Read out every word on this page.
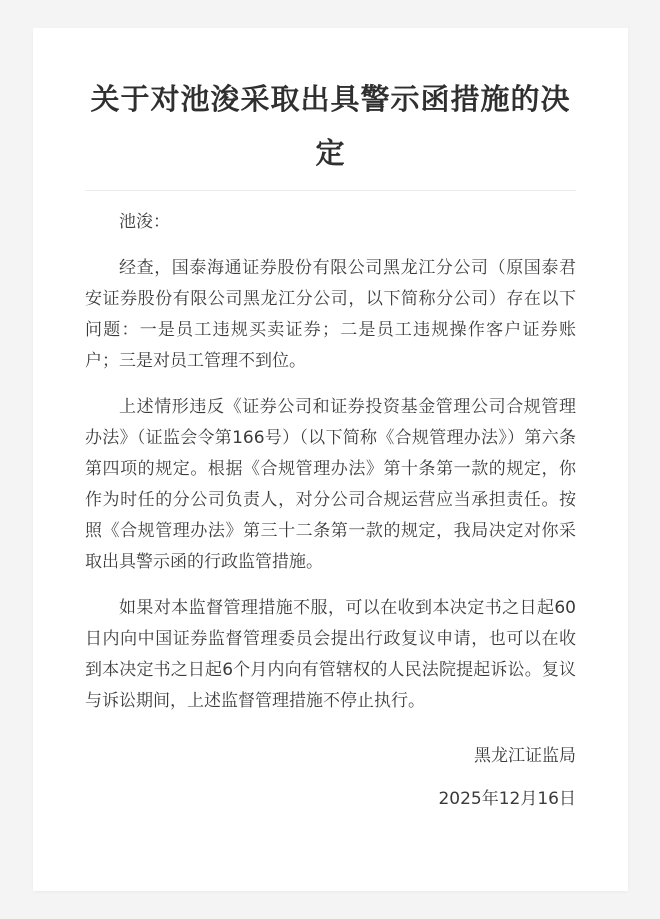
关于对池浚采取出具警示函措施的决定

池浚：

经查，国泰海通证券股份有限公司黑龙江分公司（原国泰君安证券股份有限公司黑龙江分公司，以下简称分公司）存在以下问题：一是员工违规买卖证券；二是员工违规操作客户证券账户；三是对员工管理不到位。

上述情形违反《证券公司和证券投资基金管理公司合规管理办法》（证监会令第166号）（以下简称《合规管理办法》）第六条第四项的规定。根据《合规管理办法》第十条第一款的规定，你作为时任的分公司负责人，对分公司合规运营应当承担责任。按照《合规管理办法》第三十二条第一款的规定，我局决定对你采取出具警示函的行政监管措施。

如果对本监督管理措施不服，可以在收到本决定书之日起60日内向中国证券监督管理委员会提出行政复议申请，也可以在收到本决定书之日起6个月内向有管辖权的人民法院提起诉讼。复议与诉讼期间，上述监督管理措施不停止执行。

黑龙江证监局

2025年12月16日
